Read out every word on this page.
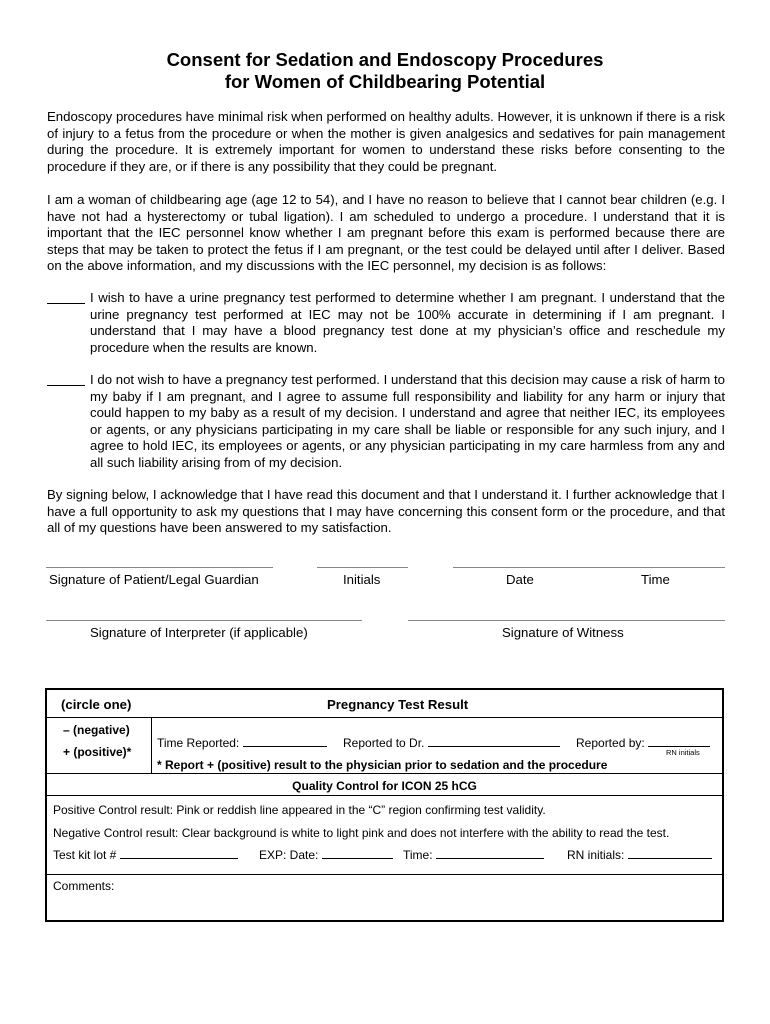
Consent for Sedation and Endoscopy Procedures
for Women of Childbearing Potential
Endoscopy procedures have minimal risk when performed on healthy adults. However, it is unknown if there is a risk of injury to a fetus from the procedure or when the mother is given analgesics and sedatives for pain management during the procedure. It is extremely important for women to understand these risks before consenting to the procedure if they are, or if there is any possibility that they could be pregnant.
I am a woman of childbearing age (age 12 to 54), and I have no reason to believe that I cannot bear children (e.g. I have not had a hysterectomy or tubal ligation). I am scheduled to undergo a procedure. I understand that it is important that the IEC personnel know whether I am pregnant before this exam is performed because there are steps that may be taken to protect the fetus if I am pregnant, or the test could be delayed until after I deliver. Based on the above information, and my discussions with the IEC personnel, my decision is as follows:
I wish to have a urine pregnancy test performed to determine whether I am pregnant. I understand that the urine pregnancy test performed at IEC may not be 100% accurate in determining if I am pregnant. I understand that I may have a blood pregnancy test done at my physician’s office and reschedule my procedure when the results are known.
I do not wish to have a pregnancy test performed. I understand that this decision may cause a risk of harm to my baby if I am pregnant, and I agree to assume full responsibility and liability for any harm or injury that could happen to my baby as a result of my decision. I understand and agree that neither IEC, its employees or agents, or any physicians participating in my care shall be liable or responsible for any such injury, and I agree to hold IEC, its employees or agents, or any physician participating in my care harmless from any and all such liability arising from of my decision.
By signing below, I acknowledge that I have read this document and that I understand it. I further acknowledge that I have a full opportunity to ask my questions that I may have concerning this consent form or the procedure, and that all of my questions have been answered to my satisfaction.
Signature of Patient/Legal Guardian	Initials	Date	Time
Signature of Interpreter (if applicable)	Signature of Witness
(circle one)	Pregnancy Test Result
– (negative)
+ (positive)*
Time Reported:	Reported to Dr.	Reported by:
RN initials
* Report + (positive) result to the physician prior to sedation and the procedure
Quality Control for ICON 25 hCG
Positive Control result: Pink or reddish line appeared in the “C” region confirming test validity.
Negative Control result: Clear background is white to light pink and does not interfere with the ability to read the test.
Test kit lot #	EXP: Date:	Time:	RN initials:
Comments:
